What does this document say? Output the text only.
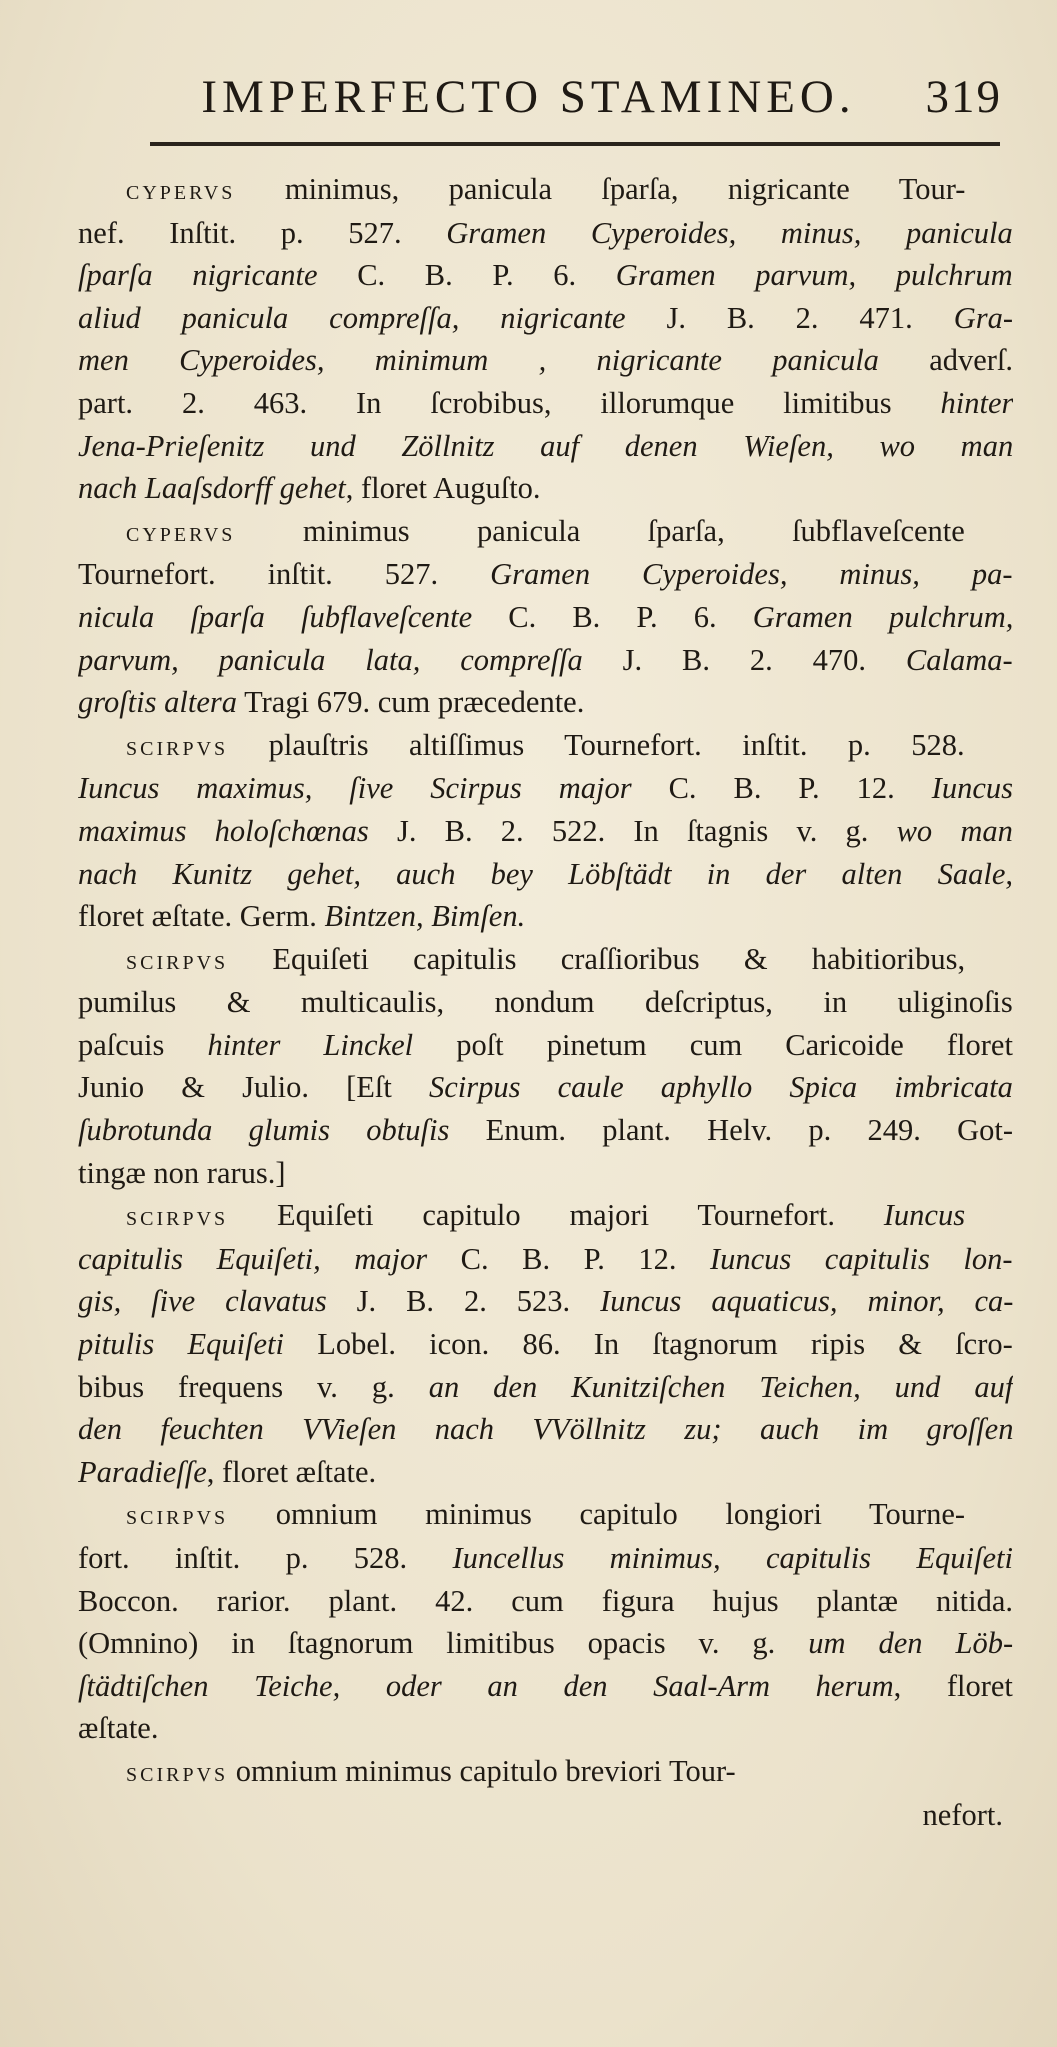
IMPERFECTO STAMINEO.	319
cypervs minimus, panicula ſparſa, nigricante Tour-
nef. Inſtit. p. 527. Gramen Cyperoides, minus, panicula
ſparſa nigricante C. B. P. 6. Gramen parvum, pulchrum
aliud panicula compreſſa, nigricante J. B. 2. 471. Gra-
men Cyperoides, minimum , nigricante panicula adverſ.
part. 2. 463. In ſcrobibus, illorumque limitibus hinter
Jena-Prieſenitz und Zöllnitz auf denen Wieſen, wo man
nach Laaſsdorff gehet, floret Auguſto.
cypervs minimus panicula ſparſa, ſubflaveſcente
Tournefort. inſtit. 527. Gramen Cyperoides, minus, pa-
nicula ſparſa ſubflaveſcente C. B. P. 6. Gramen pulchrum,
parvum, panicula lata, compreſſa J. B. 2. 470. Calama-
groſtis altera Tragi 679. cum præcedente.
scirpvs plauſtris altiſſimus Tournefort. inſtit. p. 528.
Iuncus maximus, ſive Scirpus major C. B. P. 12. Iuncus
maximus holoſchœnas J. B. 2. 522. In ſtagnis v. g. wo man
nach Kunitz gehet, auch bey Löbſtädt in der alten Saale,
floret æſtate. Germ. Bintzen, Bimſen.
scirpvs Equiſeti capitulis craſſioribus & habitioribus,
pumilus & multicaulis, nondum deſcriptus, in uliginoſis
paſcuis hinter Linckel poſt pinetum cum Caricoide floret
Junio & Julio. [Eſt Scirpus caule aphyllo Spica imbricata
ſubrotunda glumis obtuſis Enum. plant. Helv. p. 249. Got-
tingæ non rarus.]
scirpvs Equiſeti capitulo majori Tournefort. Iuncus
capitulis Equiſeti, major C. B. P. 12. Iuncus capitulis lon-
gis, ſive clavatus J. B. 2. 523. Iuncus aquaticus, minor, ca-
pitulis Equiſeti Lobel. icon. 86. In ſtagnorum ripis & ſcro-
bibus frequens v. g. an den Kunitziſchen Teichen, und auf
den feuchten VVieſen nach VVöllnitz zu; auch im groſſen
Paradieſſe, floret æſtate.
scirpvs omnium minimus capitulo longiori Tourne-
fort. inſtit. p. 528. Iuncellus minimus, capitulis Equiſeti
Boccon. rarior. plant. 42. cum figura hujus plantæ nitida.
(Omnino) in ſtagnorum limitibus opacis v. g. um den Löb-
ſtädtiſchen Teiche, oder an den Saal-Arm herum, floret
æſtate.
scirpvs omnium minimus capitulo breviori Tour-
nefort.
